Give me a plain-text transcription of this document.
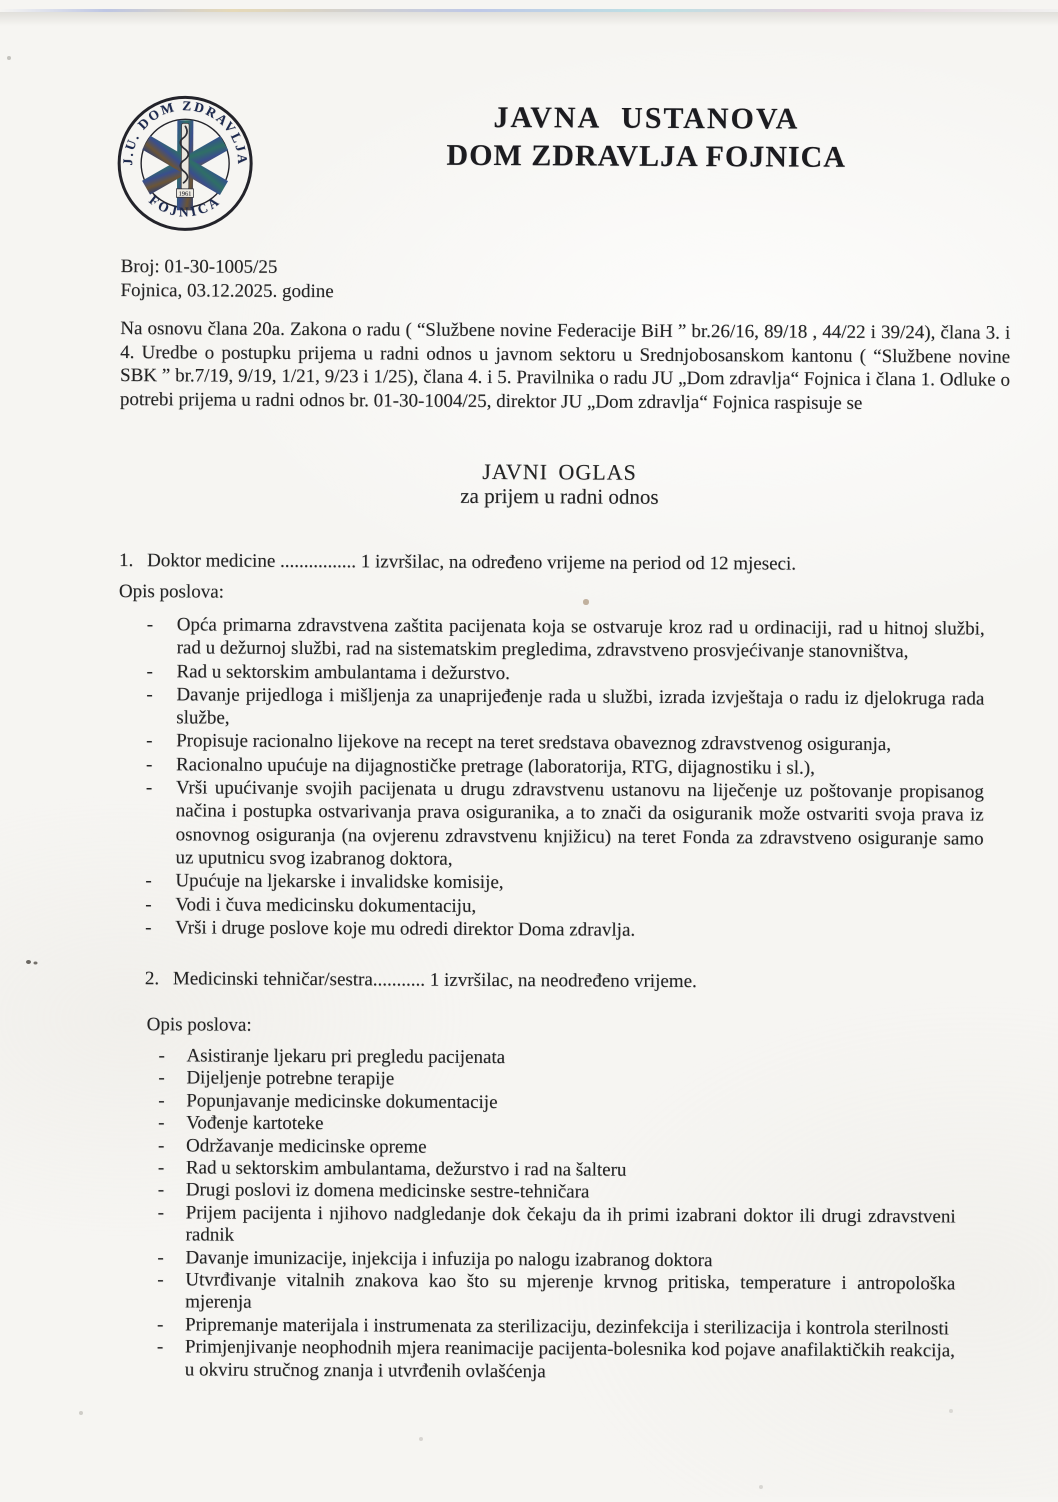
1961
J.U. DOM ZDRAVLJA
FOJNICA
JAVNA USTANOVA
DOM ZDRAVLJA FOJNICA
Broj: 01-30-1005/25
Fojnica, 03.12.2025. godine

Na osnovu člana 20a. Zakona o radu ( “Službene novine Federacije BiH ” br.26/16, 89/18 , 44/22 i 39/24), člana 3. i 4. Uredbe o postupku prijema u radni odnos u javnom sektoru u Srednjobosanskom kantonu ( “Službene novine SBK ” br.7/19, 9/19, 1/21, 9/23 i 1/25), člana 4. i 5. Pravilnika o radu JU „Dom zdravlja“ Fojnica i člana 1. Odluke o potrebi prijema u radni odnos br. 01-30-1004/25, direktor JU „Dom zdravlja“ Fojnica raspisuje se

JAVNI OGLAS
za prijem u radni odnos
1. Doktor medicine ................ 1 izvršilac, na određeno vrijeme na period od 12 mjeseci.
Opis poslova:
- Opća primarna zdravstvena zaštita pacijenata koja se ostvaruje kroz rad u ordinaciji, rad u hitnoj službi, rad u dežurnoj službi, rad na sistematskim pregledima, zdravstveno prosvjećivanje stanovništva,
- Rad u sektorskim ambulantama i dežurstvo.
- Davanje prijedloga i mišljenja za unaprijeđenje rada u službi, izrada izvještaja o radu iz djelokruga rada službe,
- Propisuje racionalno lijekove na recept na teret sredstava obaveznog zdravstvenog osiguranja,
- Racionalno upućuje na dijagnostičke pretrage (laboratorija, RTG, dijagnostiku i sl.),
- Vrši upućivanje svojih pacijenata u drugu zdravstvenu ustanovu na liječenje uz poštovanje propisanog načina i postupka ostvarivanja prava osiguranika, a to znači da osiguranik može ostvariti svoja prava iz osnovnog osiguranja (na ovjerenu zdravstvenu knjižicu) na teret Fonda za zdravstveno osiguranje samo uz uputnicu svog izabranog doktora,
- Upućuje na ljekarske i invalidske komisije,
- Vodi i čuva medicinsku dokumentaciju,
- Vrši i druge poslove koje mu odredi direktor Doma zdravlja.
2. Medicinski tehničar/sestra........... 1 izvršilac, na neodređeno vrijeme.
Opis poslova:
- Asistiranje ljekaru pri pregledu pacijenata
- Dijeljenje potrebne terapije
- Popunjavanje medicinske dokumentacije
- Vođenje kartoteke
- Održavanje medicinske opreme
- Rad u sektorskim ambulantama, dežurstvo i rad na šalteru
- Drugi poslovi iz domena medicinske sestre-tehničara
- Prijem pacijenta i njihovo nadgledanje dok čekaju da ih primi izabrani doktor ili drugi zdravstveni radnik
- Davanje imunizacije, injekcija i infuzija po nalogu izabranog doktora
- Utvrđivanje vitalnih znakova kao što su mjerenje krvnog pritiska, temperature i antropološka mjerenja
- Pripremanje materijala i instrumenata za sterilizaciju, dezinfekcija i sterilizacija i kontrola sterilnosti
- Primjenjivanje neophodnih mjera reanimacije pacijenta-bolesnika kod pojave anafilaktičkih reakcija, u okviru stručnog znanja i utvrđenih ovlašćenja
